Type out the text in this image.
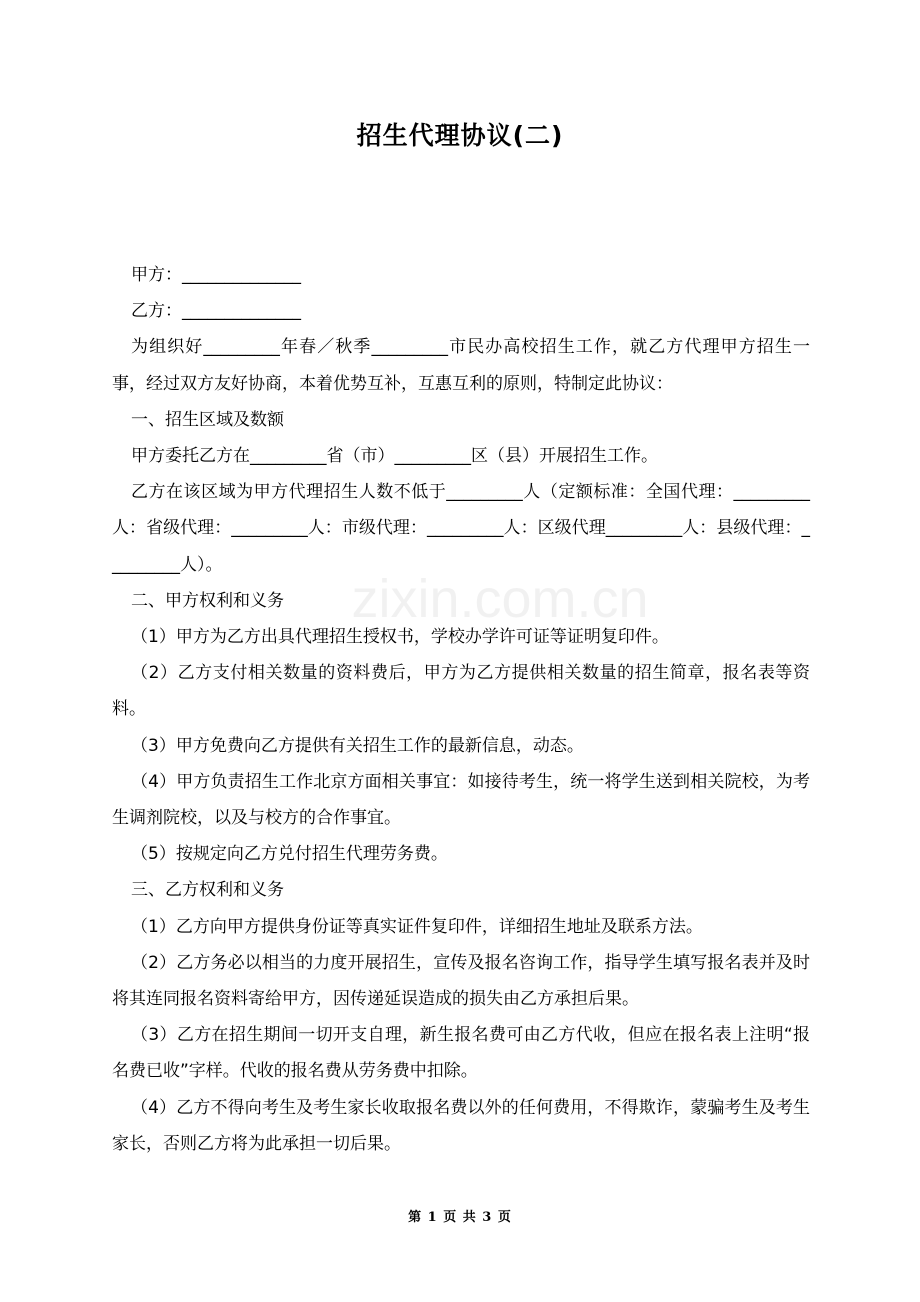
zixin.com.cn
招生代理协议(二)

甲方：______________

乙方：______________

为组织好_________年春／秋季_________市民办高校招生工作，就乙方代理甲方招生一事，经过双方友好协商，本着优势互补，互惠互利的原则，特制定此协议：

一、招生区域及数额

甲方委托乙方在_________省（市）_________区（县）开展招生工作。

乙方在该区域为甲方代理招生人数不低于_________人（定额标准：全国代理：_________人：省级代理：_________人：市级代理：_________人：区级代理_________人：县级代理：_________人）。

二、甲方权利和义务

（1）甲方为乙方出具代理招生授权书，学校办学许可证等证明复印件。

（2）乙方支付相关数量的资料费后，甲方为乙方提供相关数量的招生简章，报名表等资料。

（3）甲方免费向乙方提供有关招生工作的最新信息，动态。

（4）甲方负责招生工作北京方面相关事宜：如接待考生，统一将学生送到相关院校，为考生调剂院校，以及与校方的合作事宜。

（5）按规定向乙方兑付招生代理劳务费。

三、乙方权利和义务

（1）乙方向甲方提供身份证等真实证件复印件，详细招生地址及联系方法。

（2）乙方务必以相当的力度开展招生，宣传及报名咨询工作，指导学生填写报名表并及时将其连同报名资料寄给甲方，因传递延误造成的损失由乙方承担后果。

（3）乙方在招生期间一切开支自理，新生报名费可由乙方代收，但应在报名表上注明“报名费已收”字样。代收的报名费从劳务费中扣除。

（4）乙方不得向考生及考生家长收取报名费以外的任何费用，不得欺诈，蒙骗考生及考生家长，否则乙方将为此承担一切后果。

第 1 页 共 3 页
